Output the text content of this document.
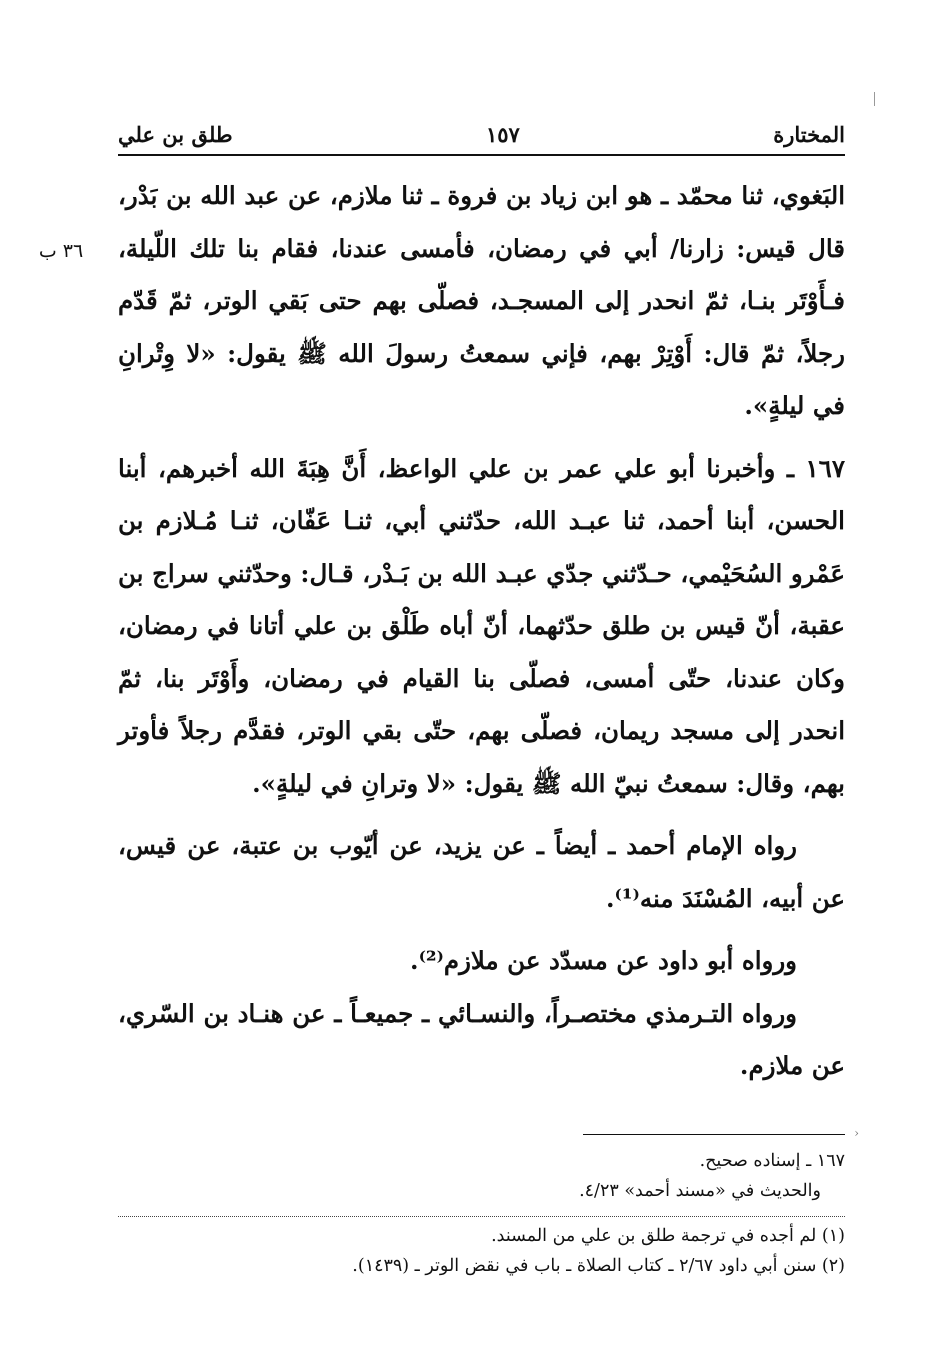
المختارة
١٥٧
طلق بن علي
٣٦ ب

البَغوي، ثنا محمّد ـ هو ابن زياد بن فروة ـ ثنا ملازم، عن عبد الله بن بَدْر، قال قيس: زارنا/ أبي في رمضان، فأمسى عندنا، فقام بنا تلك اللّيلة، فـأَوْتَر بنـا، ثمّ انحدر إلى المسجـد، فصلّى بهم حتى بَقي الوتر، ثمّ قَدّم رجلاً، ثمّ قال: أَوْتِرْ بهم، فإني سمعتُ رسولَ الله ﷺ يقول: «لا وِتْرانِ في ليلةٍ».

١٦٧ ـ وأخبرنا أبو علي عمر بن علي الواعظ، أَنَّ هِبَةَ الله أخبرهم، أبنا الحسن، أبنا أحمد، ثنا عبـد الله، حدّثني أبي، ثنـا عَفّان، ثنـا مُـلازم بن عَمْرو السُحَيْمي، حـدّثني جدّي عبـد الله بن بَـدْر، قـال: وحدّثني سراج بن عقبة، أنّ قيس بن طلق حدّثهما، أنّ أباه طَلْق بن علي أتانا في رمضان، وكان عندنا، حتّى أمسى، فصلّى بنا القيام في رمضان، وأَوْتَر بنا، ثمّ انحدر إلى مسجد ريمان، فصلّى بهم، حتّى بقي الوتر، فقدَّم رجلاً فأوتر بهم، وقال: سمعتُ نبيّ الله ﷺ يقول: «لا وترانِ في ليلةٍ».

رواه الإمام أحمد ـ أيضاً ـ عن يزيد، عن أيّوب بن عتبة، عن قيس، عن أبيه، المُسْنَدَ منه⁽¹⁾.

ورواه أبو داود عن مسدّد عن ملازم⁽²⁾.

ورواه التـرمذي مختصـراً، والنسـائي ـ جميعـاً ـ عن هنـاد بن السّري، عن ملازم.

›

١٦٧ ـ إسناده صحيح.

والحديث في «مسند أحمد» ٤/٢٣.

(١) لم أجده في ترجمة طلق بن علي من المسند.

(٢) سنن أبي داود ٢/٦٧ ـ كتاب الصلاة ـ باب في نقض الوتر ـ (١٤٣٩).
